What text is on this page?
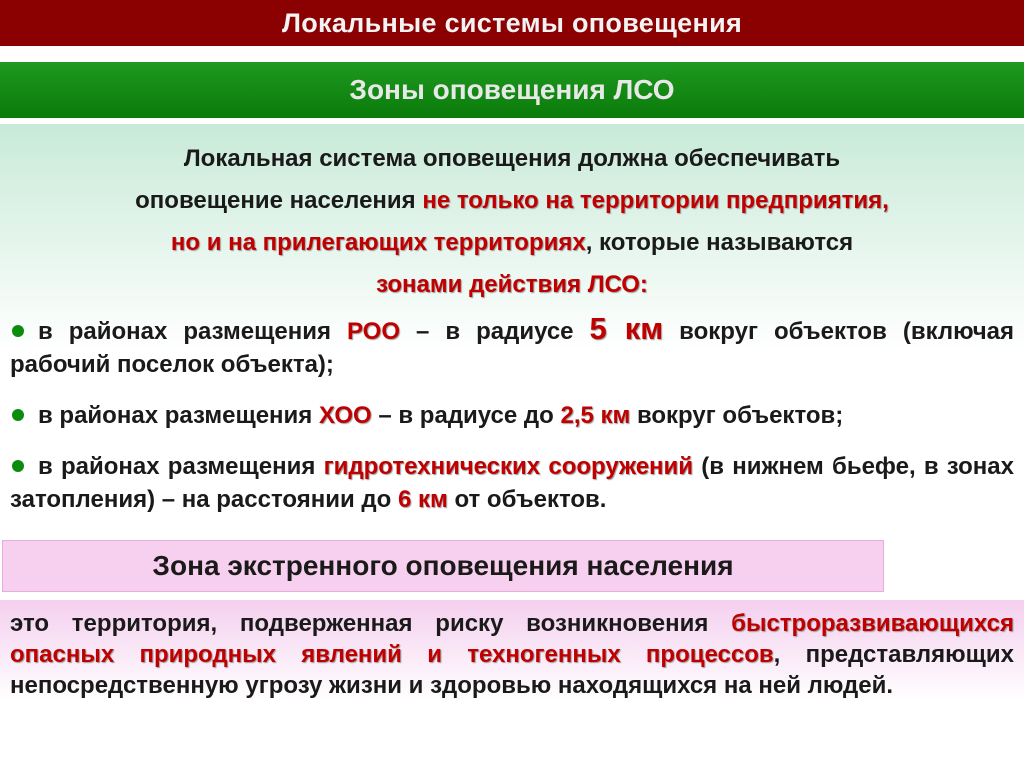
Локальные системы оповещения
Зоны оповещения ЛСО
Локальная система оповещения должна обеспечивать
оповещение населения не только на территории предприятия,
но и на прилегающих территориях, которые называются
зонами действия ЛСО:
в районах размещения РОО – в радиусе 5 км вокруг объектов (включая рабочий поселок объекта);
в районах размещения ХОО – в радиусе до 2,5 км вокруг объектов;
в районах размещения гидротехнических сооружений (в нижнем бьефе, в зонах затопления) – на расстоянии до 6 км от объектов.
Зона экстренного оповещения населения
это территория, подверженная риску возникновения быстроразвивающихся опасных природных явлений и техногенных процессов, представляющих непосредственную угрозу жизни и здоровью находящихся на ней людей.
